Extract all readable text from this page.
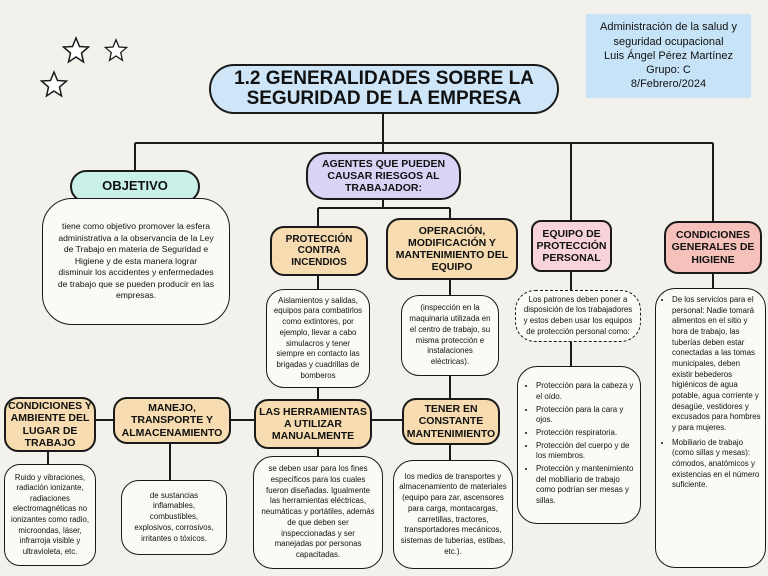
Administración de la salud y seguridad ocupacional
Luis Ángel Pérez Martínez
Grupo: C
8/Febrero/2024
1.2 GENERALIDADES SOBRE LA SEGURIDAD DE LA EMPRESA
OBJETIVO
tiene como objetivo promover la esfera administrativa a la observancia de la Ley de Trabajo en materia de Seguridad e Higiene y de esta manera lograr disminuir los accidentes y enfermedades de trabajo que se pueden producir en las empresas.
AGENTES QUE PUEDEN CAUSAR RIESGOS AL TRABAJADOR:
PROTECCIÓN CONTRA INCENDIOS
Aislamientos y salidas, equipos para combatirlos como extintores, por ejemplo, llevar a cabo simulacros y tener siempre en contacto las brigadas y cuadrillas de bomberos
OPERACIÓN, MODIFICACIÓN Y MANTENIMIENTO DEL EQUIPO
(inspección en la maquinaria utilizada en el centro de trabajo, su misma protección e instalaciones eléctricas).
LAS HERRAMIENTAS A UTILIZAR MANUALMENTE
se deben usar para los fines específicos para los cuales fueron diseñadas. Igualmente las herramientas eléctricas, neumáticas y portátiles, además de que deben ser inspeccionadas y ser manejadas por personas capacitadas.
TENER EN CONSTANTE MANTENIMIENTO
los medios de transportes y almacenamiento de materiales (equipo para zar, ascensores para carga, montacargas, carretillas, tractores, transportadores mecánicos, sistemas de tuberías, estibas, etc.).
MANEJO, TRANSPORTE Y ALMACENAMIENTO
de sustancias inflamables, combustibles, explosivos, corrosivos, irritantes o tóxicos.
CONDICIONES Y AMBIENTE DEL LUGAR DE TRABAJO
Ruido y vibraciones, radiación ionizante, radiaciones electromagnéticas no ionizantes como radio, microondas, láser, infrarroja visible y ultravioleta, etc.
EQUIPO DE PROTECCIÓN PERSONAL
Los patrones deben poner a disposición de los trabajadores y estos deben usar los equipos de protección personal como:
• Protección para la cabeza y el oído.
• Protección para la cara y ojos.
• Protección respiratoria.
• Protección del cuerpo y de los miembros.
• Protección y mantenimiento del mobiliario de trabajo como podrían ser mesas y sillas.
CONDICIONES GENERALES DE HIGIENE
• De los servicios para el personal: Nadie tomará alimentos en el sitio y hora de trabajo, las tuberías deben estar conectadas a las tomas municipales, deben existir bebederos higiénicos de agua potable, agua corriente y desagüe, vestidores y excusados para hombres y para mujeres.
• Mobiliario de trabajo (como sillas y mesas): cómodos, anatómicos y existencias en el número suficiente.
